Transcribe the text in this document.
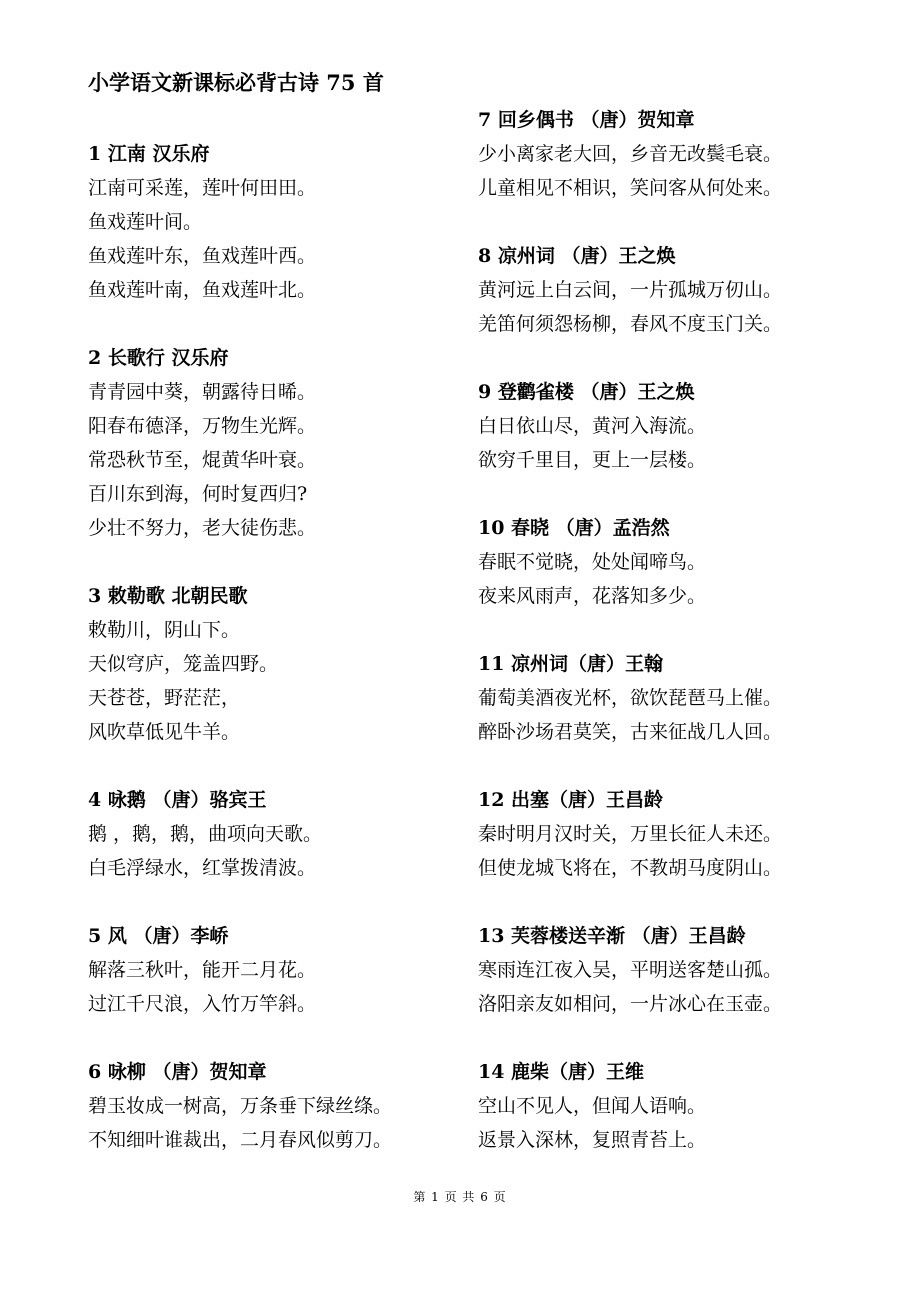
小学语文新课标必背古诗 75 首
1 江南 汉乐府
江南可采莲，莲叶何田田。
鱼戏莲叶间。
鱼戏莲叶东，鱼戏莲叶西。
鱼戏莲叶南，鱼戏莲叶北。
2 长歌行 汉乐府
青青园中葵，朝露待日晞。
阳春布德泽，万物生光辉。
常恐秋节至，焜黄华叶衰。
百川东到海，何时复西归?
少壮不努力，老大徒伤悲。
3 敕勒歌 北朝民歌
敕勒川，阴山下。
天似穹庐，笼盖四野。
天苍苍，野茫茫，
风吹草低见牛羊。
4 咏鹅 （唐）骆宾王
鹅 ，鹅，鹅，曲项向天歌。
白毛浮绿水，红掌拨清波。
5 风 （唐）李峤
解落三秋叶，能开二月花。
过江千尺浪，入竹万竿斜。
6 咏柳 （唐）贺知章
碧玉妆成一树高，万条垂下绿丝绦。
不知细叶谁裁出，二月春风似剪刀。
7 回乡偶书 （唐）贺知章
少小离家老大回，乡音无改鬓毛衰。
儿童相见不相识，笑问客从何处来。
8 凉州词 （唐）王之焕
黄河远上白云间，一片孤城万仞山。
羌笛何须怨杨柳，春风不度玉门关。
9 登鹳雀楼 （唐）王之焕
白日依山尽，黄河入海流。
欲穷千里目，更上一层楼。
10 春晓 （唐）孟浩然
春眠不觉晓，处处闻啼鸟。
夜来风雨声，花落知多少。
11 凉州词（唐）王翰
葡萄美酒夜光杯，欲饮琵琶马上催。
醉卧沙场君莫笑，古来征战几人回。
12 出塞（唐）王昌龄
秦时明月汉时关，万里长征人未还。
但使龙城飞将在，不教胡马度阴山。
13 芙蓉楼送辛渐 （唐）王昌龄
寒雨连江夜入吴，平明送客楚山孤。
洛阳亲友如相问，一片冰心在玉壶。
14 鹿柴（唐）王维
空山不见人，但闻人语响。
返景入深林，复照青苔上。
第 1 页 共 6 页
